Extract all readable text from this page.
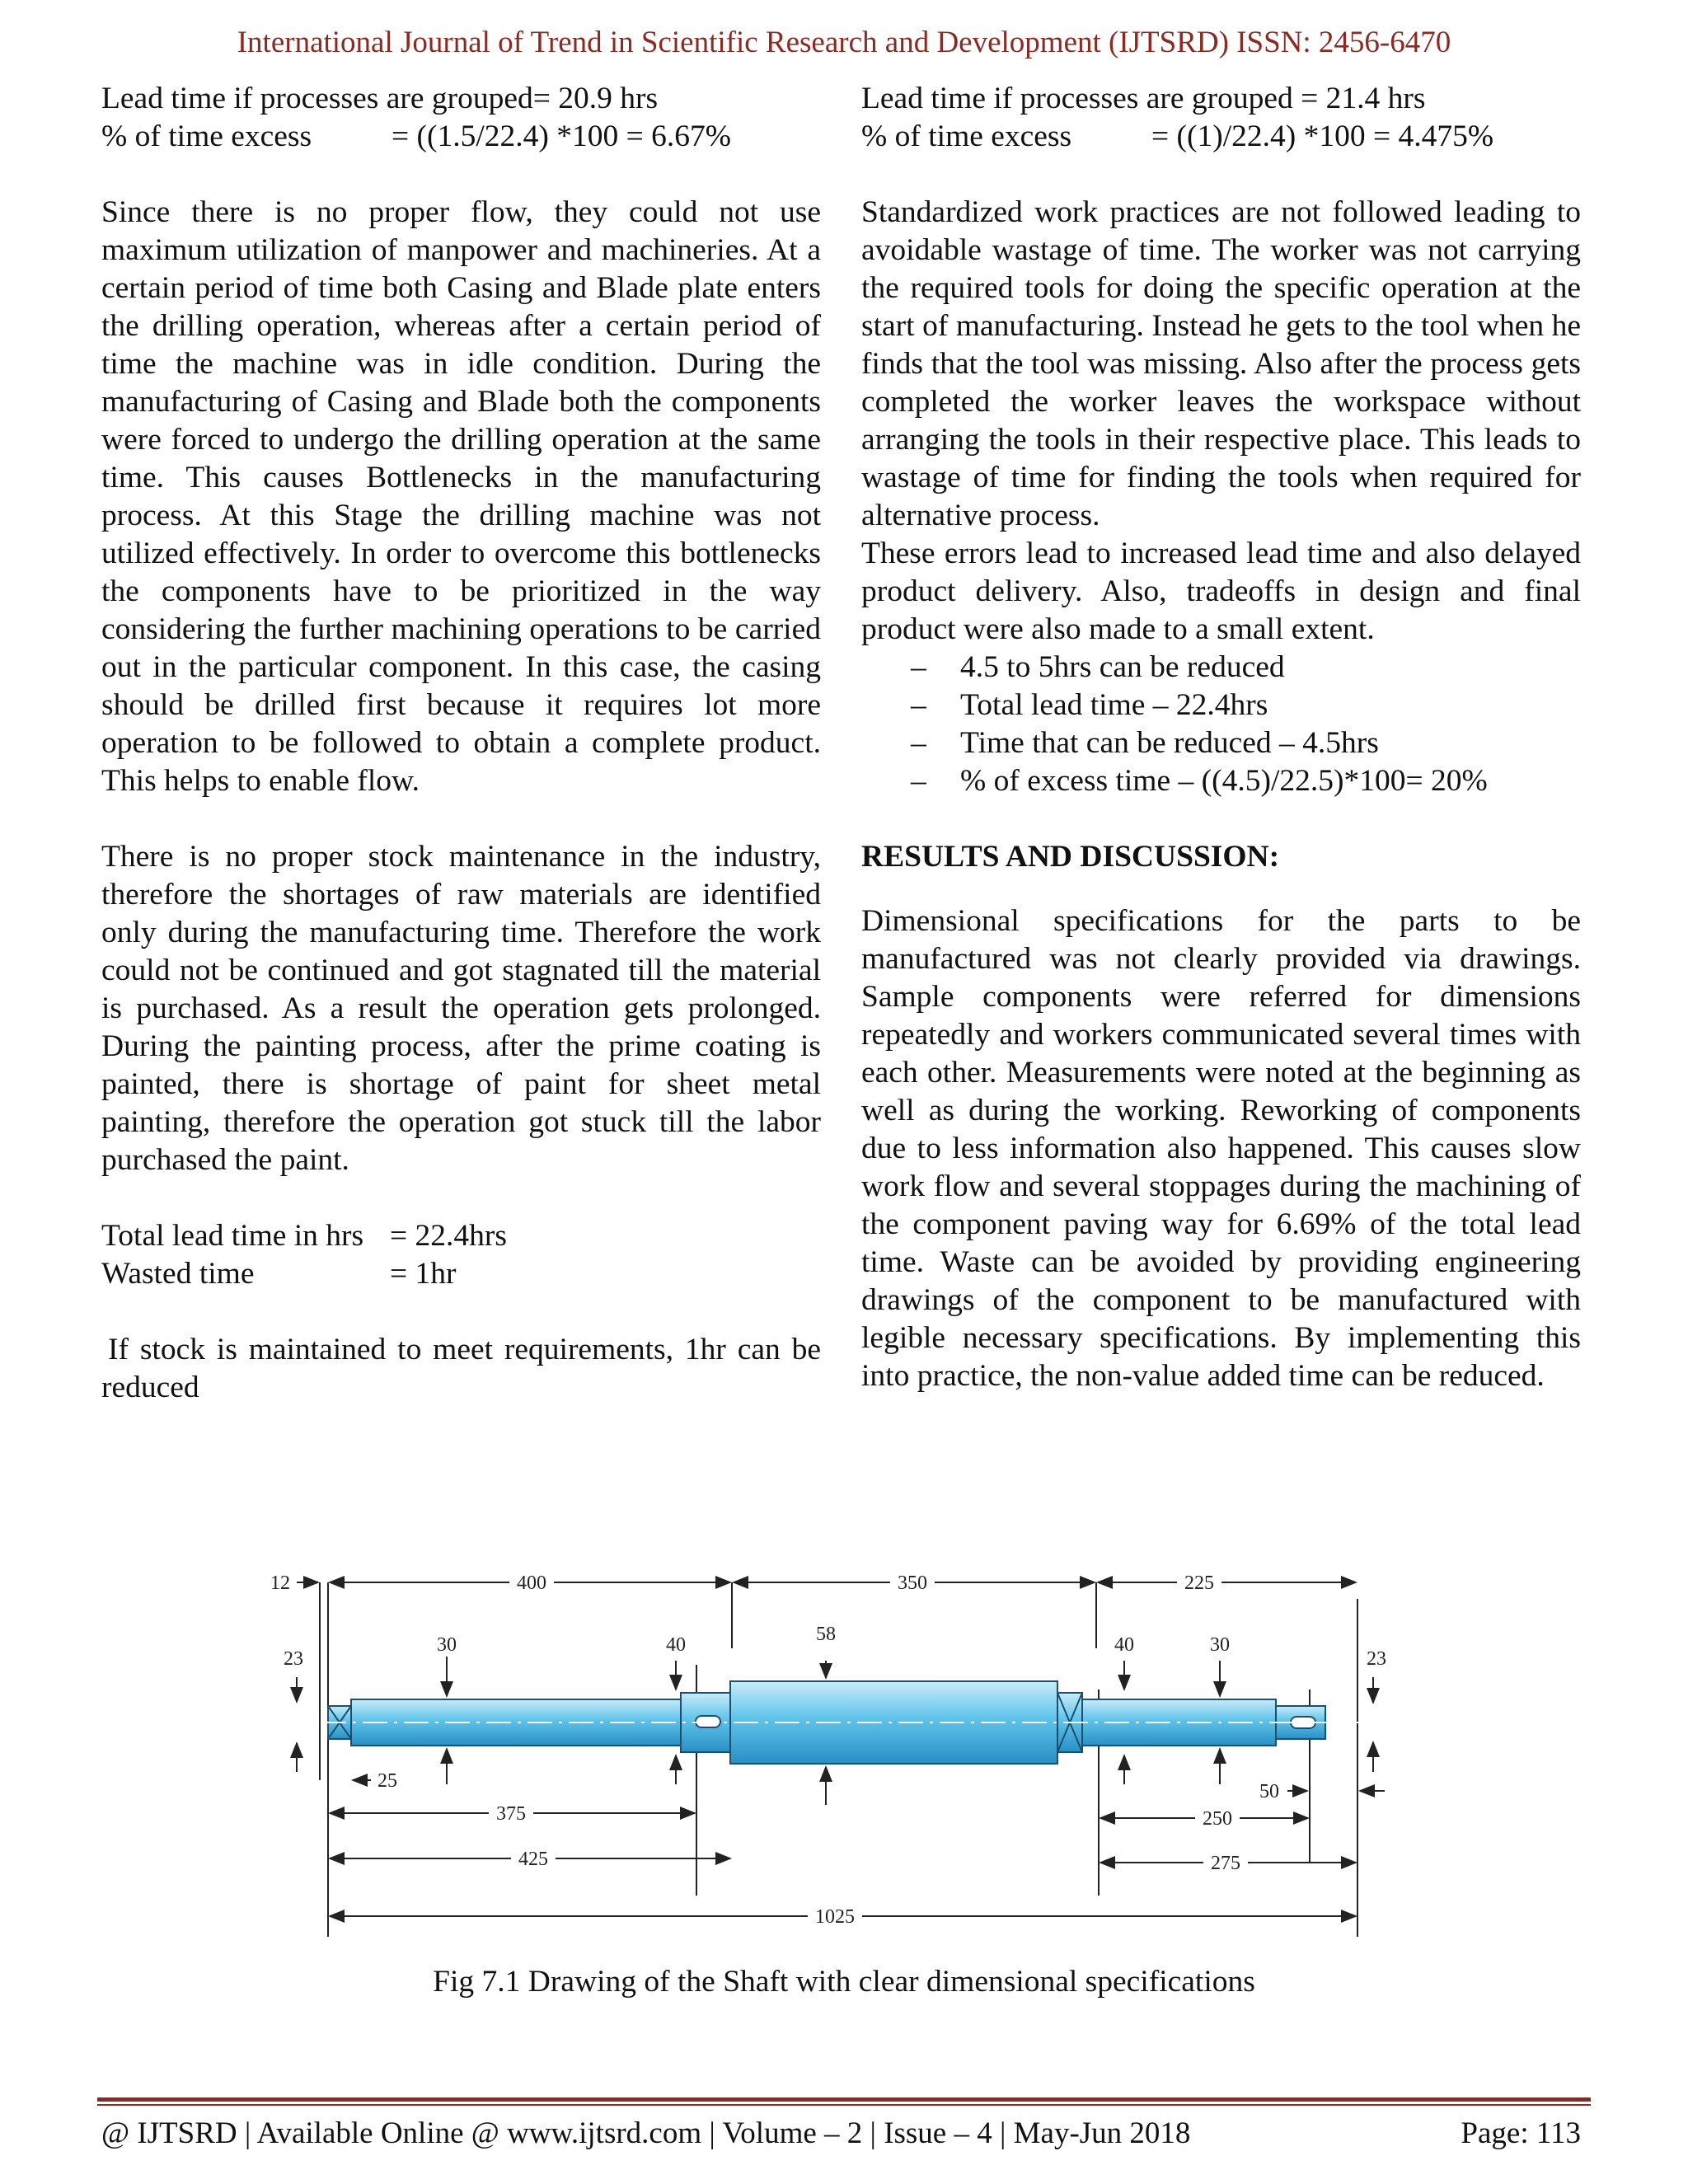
International Journal of Trend in Scientific Research and Development (IJTSRD) ISSN: 2456-6470

Lead time if processes are grouped= 20.9 hrs

% of time excess	= ((1.5/22.4) *100 = 6.67%

Since there is no proper flow, they could not use maximum utilization of manpower and machineries. At a certain period of time both Casing and Blade plate enters the drilling operation, whereas after a certain period of time the machine was in idle condition. During the manufacturing of Casing and Blade both the components were forced to undergo the drilling operation at the same time. This causes Bottlenecks in the manufacturing process. At this Stage the drilling machine was not utilized effectively. In order to overcome this bottlenecks the components have to be prioritized in the way considering the further machining operations to be carried out in the particular component. In this case, the casing should be drilled first because it requires lot more operation to be followed to obtain a complete product. This helps to enable flow.

There is no proper stock maintenance in the industry, therefore the shortages of raw materials are identified only during the manufacturing time. Therefore the work could not be continued and got stagnated till the material is purchased. As a result the operation gets prolonged. During the painting process, after the prime coating is painted, there is shortage of paint for sheet metal painting, therefore the operation got stuck till the labor purchased the paint.

Total lead time in hrs = 22.4hrs
Wasted time	= 1hr

If stock is maintained to meet requirements, 1hr can be reduced

Lead time if processes are grouped = 21.4 hrs

% of time excess	= ((1)/22.4) *100 = 4.475%

Standardized work practices are not followed leading to avoidable wastage of time. The worker was not carrying the required tools for doing the specific operation at the start of manufacturing. Instead he gets to the tool when he finds that the tool was missing. Also after the process gets completed the worker leaves the workspace without arranging the tools in their respective place. This leads to wastage of time for finding the tools when required for alternative process.

These errors lead to increased lead time and also delayed product delivery. Also, tradeoffs in design and final product were also made to a small extent.

– 4.5 to 5hrs can be reduced
– Total lead time – 22.4hrs
– Time that can be reduced – 4.5hrs
– % of excess time – ((4.5)/22.5)*100= 20%

RESULTS AND DISCUSSION:

Dimensional specifications for the parts to be manufactured was not clearly provided via drawings. Sample components were referred for dimensions repeatedly and workers communicated several times with each other. Measurements were noted at the beginning as well as during the working. Reworking of components due to less information also happened. This causes slow work flow and several stoppages during the machining of the component paving way for 6.69% of the total lead time. Waste can be avoided by providing engineering drawings of the component to be manufactured with legible necessary specifications. By implementing this into practice, the non-value added time can be reduced.

12	400	350	225
23
30	40	58	40	30
23
25	50
375	250
425	275
1025
Fig 7.1 Drawing of the Shaft with clear dimensional specifications
@ IJTSRD | Available Online @ www.ijtsrd.com | Volume – 2 | Issue – 4 | May-Jun 2018	Page: 113
